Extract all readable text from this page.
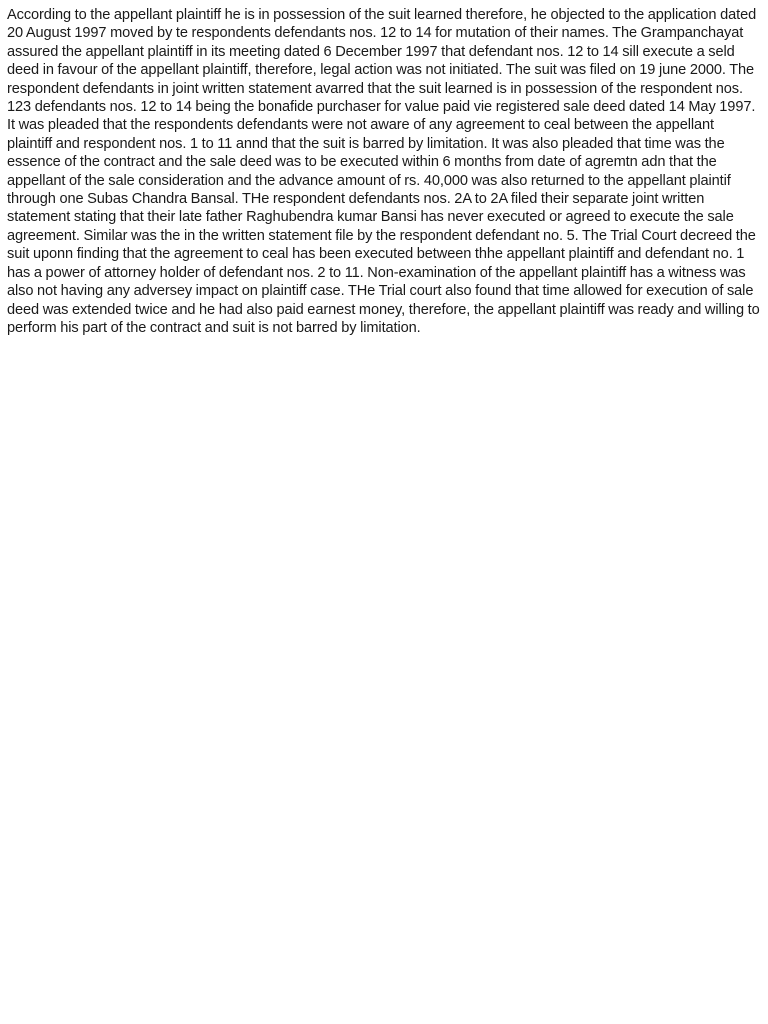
According to the appellant plaintiff he is in possession of the suit learned therefore, he objected to the application dated 20 August 1997 moved by te respondents defendants nos. 12 to 14 for mutation of their names. The Grampanchayat assured the appellant plaintiff in its meeting dated 6 December 1997 that defendant nos. 12 to 14 sill execute a seld deed in favour of the appellant plaintiff, therefore, legal action was not initiated. The suit was filed on 19 june 2000. The respondent defendants in joint written statement avarred that the suit learned is in possession of the respondent nos. 123 defendants nos. 12 to 14 being the bonafide purchaser for value paid vie registered sale deed dated 14 May 1997. It was pleaded that the respondents defendants were not aware of any agreement to ceal between the appellant plaintiff and respondent nos. 1 to 11 annd that the suit is barred by limitation. It was also pleaded that time was the essence of the contract and the sale deed was to be executed within 6 months from date of agremtn adn that the appellant of the sale consideration and the advance amount of rs. 40,000 was also returned to the appellant plaintif through one Subas Chandra Bansal. THe respondent defendants nos. 2A to 2A filed their separate joint written statement stating that their late father Raghubendra kumar Bansi has never executed or agreed to execute the sale agreement. Similar was the in the written statement file by the respondent defendant no. 5. The Trial Court decreed the suit uponn finding that the agreement to ceal has been executed between thhe appellant plaintiff and defendant no. 1 has a power of attorney holder of defendant nos. 2 to 11. Non-examination of the appellant plaintiff has a witness was also not having any adversey impact on plaintiff case. THe Trial court also found that time allowed for execution of sale deed was extended twice and he had also paid earnest money, therefore, the appellant plaintiff was ready and willing to perform his part of the contract and suit is not barred by limitation.
